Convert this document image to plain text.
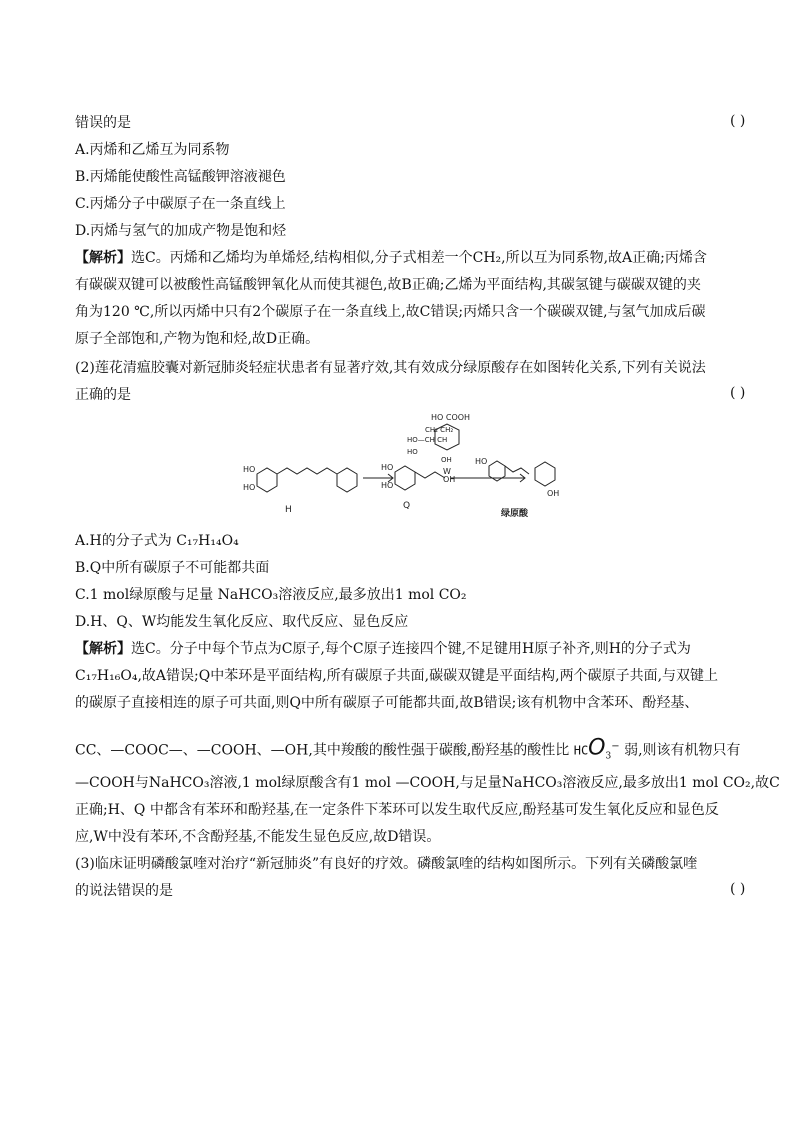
错误的是	( )
A.丙烯和乙烯互为同系物
B.丙烯能使酸性高锰酸钾溶液褪色
C.丙烯分子中碳原子在一条直线上
D.丙烯与氢气的加成产物是饱和烃
【解析】选C。丙烯和乙烯均为单烯烃,结构相似,分子式相差一个CH₂,所以互为同系物,故A正确;丙烯含
有碳碳双键可以被酸性高锰酸钾氧化从而使其褪色,故B正确;乙烯为平面结构,其碳氢键与碳碳双键的夹
角为120 ℃,所以丙烯中只有2个碳原子在一条直线上,故C错误;丙烯只含一个碳碳双键,与氢气加成后碳
原子全部饱和,产物为饱和烃,故D正确。
(2)莲花清瘟胶囊对新冠肺炎轻症状患者有显著疗效,其有效成分绿原酸存在如图转化关系,下列有关说法
正确的是	( )
HO
HO
H
HO
HO
OH
Q
HO COOH
CH₂ CH₂
HO—CH CH
HO
OH
W
HO
OH
绿原酸
A.H的分子式为 C₁₇H₁₄O₄
B.Q中所有碳原子不可能都共面
C.1 mol绿原酸与足量 NaHCO₃溶液反应,最多放出1 mol CO₂
D.H、Q、W均能发生氧化反应、取代反应、显色反应
【解析】选C。分子中每个节点为C原子,每个C原子连接四个键,不足键用H原子补齐,则H的分子式为
C₁₇H₁₆O₄,故A错误;Q中苯环是平面结构,所有碳原子共面,碳碳双键是平面结构,两个碳原子共面,与双键上
的碳原子直接相连的原子可共面,则Q中所有碳原子可能都共面,故B错误;该有机物中含苯环、酚羟基、
CC、—COOC—、—COOH、—OH,其中羧酸的酸性强于碳酸,酚羟基的酸性比 $HCO_3^-$ 弱,则该有机物只有
—COOH与NaHCO₃溶液,1 mol绿原酸含有1 mol —COOH,与足量NaHCO₃溶液反应,最多放出1 mol CO₂,故C
正确;H、Q 中都含有苯环和酚羟基,在一定条件下苯环可以发生取代反应,酚羟基可发生氧化反应和显色反
应,W中没有苯环,不含酚羟基,不能发生显色反应,故D错误。
(3)临床证明磷酸氯喹对治疗“新冠肺炎”有良好的疗效。磷酸氯喹的结构如图所示。下列有关磷酸氯喹
的说法错误的是	( )
